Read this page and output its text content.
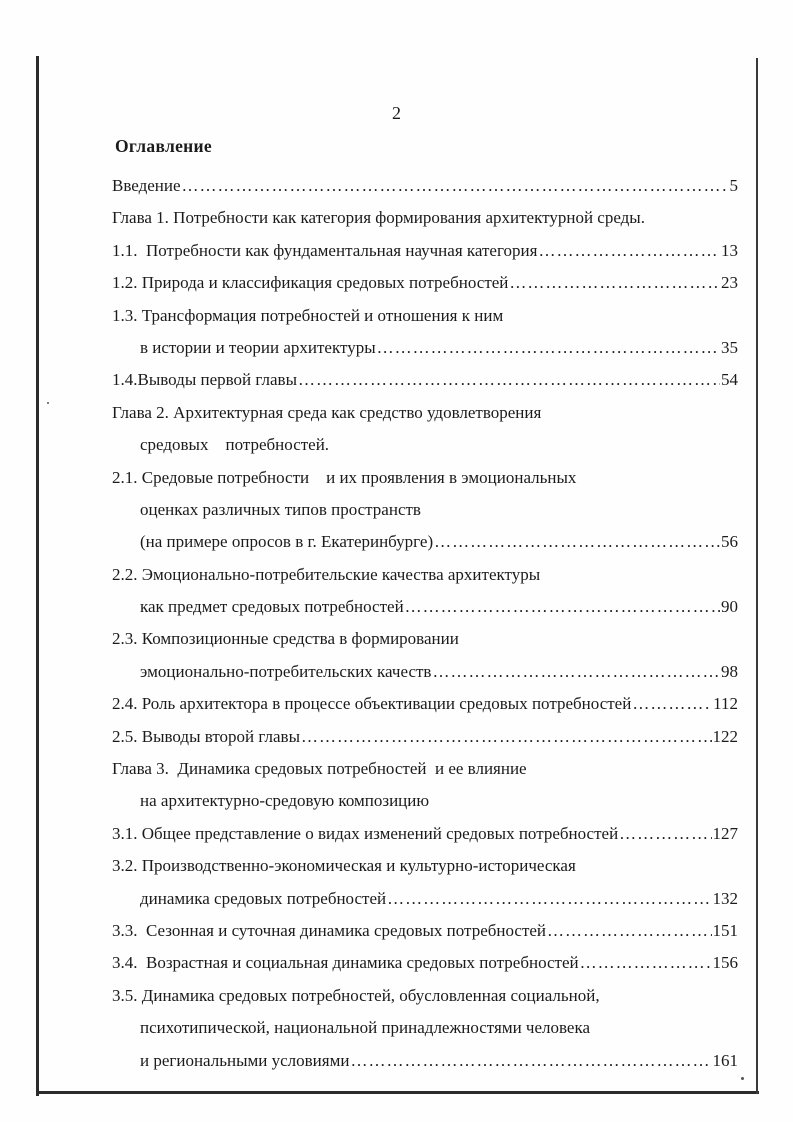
2
Оглавление
Введение ………………………………………………………………………………………………………………………………………………	5
Глава 1. Потребности как категория формирования архитектурной среды.
1.1.  Потребности как фундаментальная научная категория ………………………………………………………………………………………………………………………………………………	13
1.2. Природа и классификация средовых потребностей ………………………………………………………………………………………………………………………………………………	23
1.3. Трансформация потребностей и отношения к ним
в истории и теории архитектуры ………………………………………………………………………………………………………………………………………………	35
1.4.Выводы первой главы ………………………………………………………………………………………………………………………………………………	54
Глава 2. Архитектурная среда как средство удовлетворения
средовых    потребностей.
2.1. Средовые потребности    и их проявления в эмоциональных
оценках различных типов пространств
(на примере опросов в г. Екатеринбурге) ………………………………………………………………………………………………………………………………………………	56
2.2. Эмоционально-потребительские качества архитектуры
как предмет средовых потребностей ………………………………………………………………………………………………………………………………………………	90
2.3. Композиционные средства в формировании
эмоционально-потребительских качеств ………………………………………………………………………………………………………………………………………………	98
2.4. Роль архитектора в процессе объективации средовых потребностей ………………………………………………………………………………………………………………………………………………	112
2.5. Выводы второй главы ………………………………………………………………………………………………………………………………………………	122
Глава 3.  Динамика средовых потребностей  и ее влияние
на архитектурно-средовую композицию
3.1. Общее представление о видах изменений средовых потребностей ………………………………………………………………………………………………………………………………………………	127
3.2. Производственно-экономическая и культурно-историческая
динамика средовых потребностей ………………………………………………………………………………………………………………………………………………	132
3.3.  Сезонная и суточная динамика средовых потребностей ………………………………………………………………………………………………………………………………………………	151
3.4.  Возрастная и социальная динамика средовых потребностей ………………………………………………………………………………………………………………………………………………	156
3.5. Динамика средовых потребностей, обусловленная социальной,
психотипической, национальной принадлежностями человека
и региональными условиями ………………………………………………………………………………………………………………………………………………	161
